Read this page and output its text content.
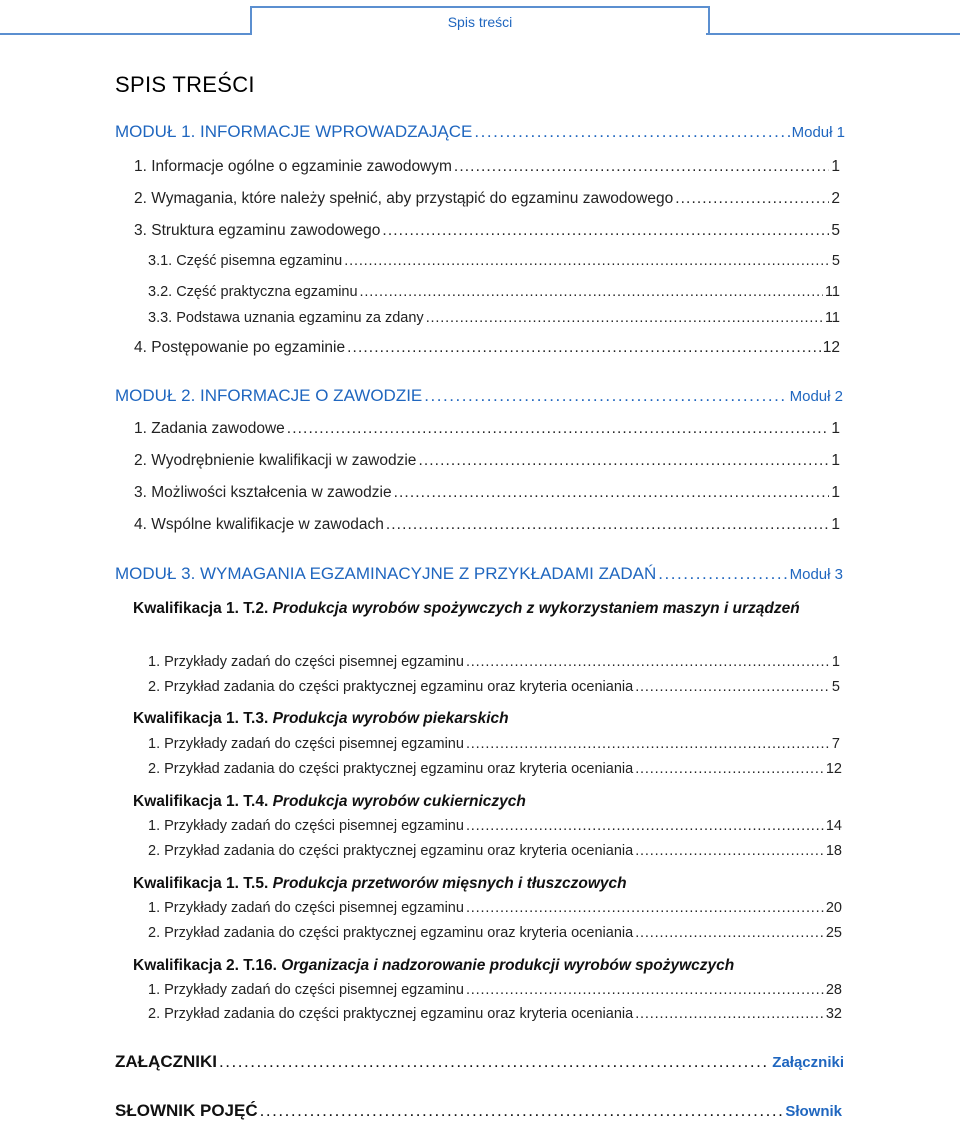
Spis treści
SPIS TREŚCI
MODUŁ 1. INFORMACJE WPROWADZAJĄCE . . .	Moduł 1
1. Informacje ogólne o egzaminie zawodowym . . .	1
2. Wymagania, które należy spełnić, aby przystąpić do egzaminu zawodowego . . .	2
3. Struktura egzaminu zawodowego . . .	5
3.1. Część pisemna egzaminu . . .	5
3.2. Część praktyczna egzaminu . . .	11
3.3. Podstawa uznania egzaminu za zdany . . .	11
4. Postępowanie po egzaminie . . .	12
MODUŁ 2. INFORMACJE O ZAWODZIE . . .	Moduł 2
1. Zadania zawodowe . . .	1
2. Wyodrębnienie kwalifikacji w zawodzie . . .	1
3. Możliwości kształcenia w zawodzie . . .	1
4. Wspólne kwalifikacje w zawodach . . .	1
MODUŁ 3. WYMAGANIA EGZAMINACYJNE Z PRZYKŁADAMI ZADAŃ . . .	Moduł 3
Kwalifikacja 1. T.2. Produkcja wyrobów spożywczych z wykorzystaniem maszyn i urządzeń
1. Przykłady zadań do części pisemnej egzaminu . . .	1
2. Przykład zadania do części praktycznej egzaminu oraz kryteria oceniania . . .	5
Kwalifikacja 1. T.3. Produkcja wyrobów piekarskich
1. Przykłady zadań do części pisemnej egzaminu . . .	7
2. Przykład zadania do części praktycznej egzaminu oraz kryteria oceniania . . .	12
Kwalifikacja 1. T.4. Produkcja wyrobów cukierniczych
1. Przykłady zadań do części pisemnej egzaminu . . .	14
2. Przykład zadania do części praktycznej egzaminu oraz kryteria oceniania . . .	18
Kwalifikacja 1. T.5. Produkcja przetworów mięsnych i tłuszczowych
1. Przykłady zadań do części pisemnej egzaminu . . .	20
2. Przykład zadania do części praktycznej egzaminu oraz kryteria oceniania . . .	25
Kwalifikacja 2. T.16. Organizacja i nadzorowanie produkcji wyrobów spożywczych
1. Przykłady zadań do części pisemnej egzaminu . . .	28
2. Przykład zadania do części praktycznej egzaminu oraz kryteria oceniania . . .	32
ZAŁĄCZNIKI . . .	Załączniki
SŁOWNIK POJĘĆ . . .	Słownik
